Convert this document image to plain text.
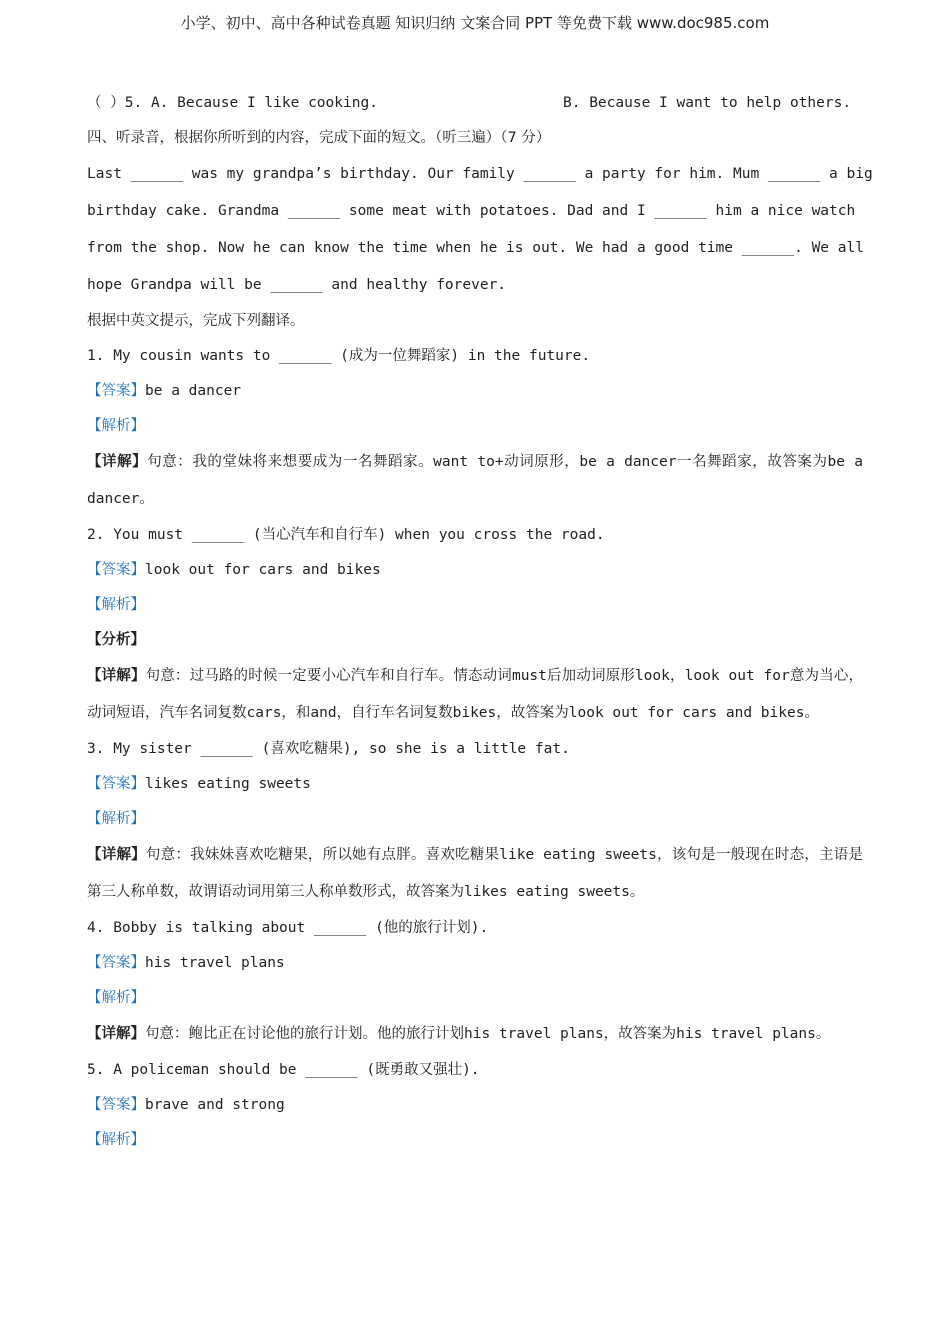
小学、初中、高中各种试卷真题 知识归纳 文案合同 PPT 等免费下载 www.doc985.com
（ ）5. A. Because I like cooking.	B. Because I want to help others.
四、听录音，根据你所听到的内容，完成下面的短文。（听三遍）（7 分）
Last ______ was my grandpa’s birthday. Our family ______ a party for him. Mum ______ a big
birthday cake. Grandma ______ some meat with potatoes. Dad and I ______ him a nice watch
from the shop. Now he can know the time when he is out. We had a good time ______. We all
hope Grandpa will be ______ and healthy forever.
根据中英文提示，完成下列翻译。
1. My cousin wants to ______ (成为一位舞蹈家) in the future.
【答案】be a dancer
【解析】
【详解】句意：我的堂妹将来想要成为一名舞蹈家。want to+动词原形，be a dancer一名舞蹈家，故答案为be a dancer。
2. You must ______ (当心汽车和自行车) when you cross the road.
【答案】look out for cars and bikes
【解析】
【分析】
【详解】句意：过马路的时候一定要小心汽车和自行车。情态动词must后加动词原形look，look out for意为当心，动词短语，汽车名词复数cars，和and，自行车名词复数bikes，故答案为look out for cars and bikes。
3. My sister ______ (喜欢吃糖果), so she is a little fat.
【答案】likes eating sweets
【解析】
【详解】句意：我妹妹喜欢吃糖果，所以她有点胖。喜欢吃糖果like eating sweets，该句是一般现在时态，主语是第三人称单数，故谓语动词用第三人称单数形式，故答案为likes eating sweets。
4. Bobby is talking about ______ (他的旅行计划).
【答案】his travel plans
【解析】
【详解】句意：鲍比正在讨论他的旅行计划。他的旅行计划his travel plans，故答案为his travel plans。
5. A policeman should be ______ (既勇敢又强壮).
【答案】brave and strong
【解析】
